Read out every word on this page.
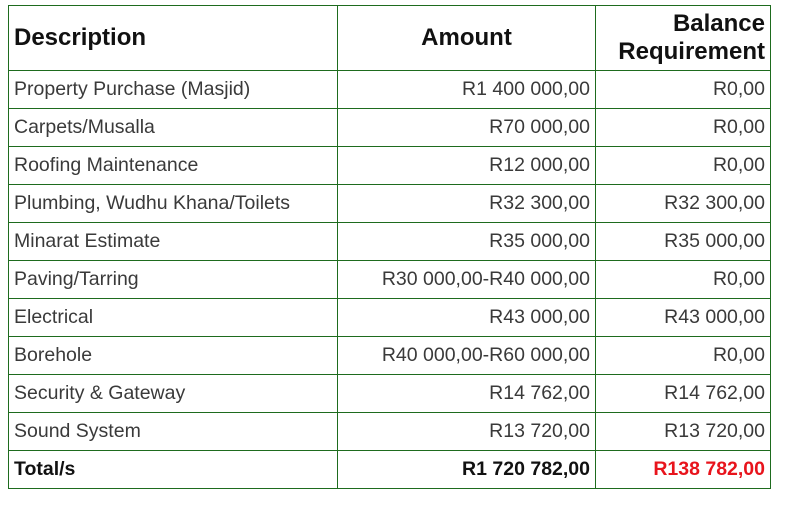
Description	Amount	Balance Requirement
Property Purchase (Masjid)	R1 400 000,00	R0,00
Carpets/Musalla	R70 000,00	R0,00
Roofing Maintenance	R12 000,00	R0,00
Plumbing, Wudhu Khana/Toilets	R32 300,00	R32 300,00
Minarat Estimate	R35 000,00	R35 000,00
Paving/Tarring	R30 000,00-R40 000,00	R0,00
Electrical	R43 000,00	R43 000,00
Borehole	R40 000,00-R60 000,00	R0,00
Security & Gateway	R14 762,00	R14 762,00
Sound System	R13 720,00	R13 720,00
Total/s	R1 720 782,00	R138 782,00
